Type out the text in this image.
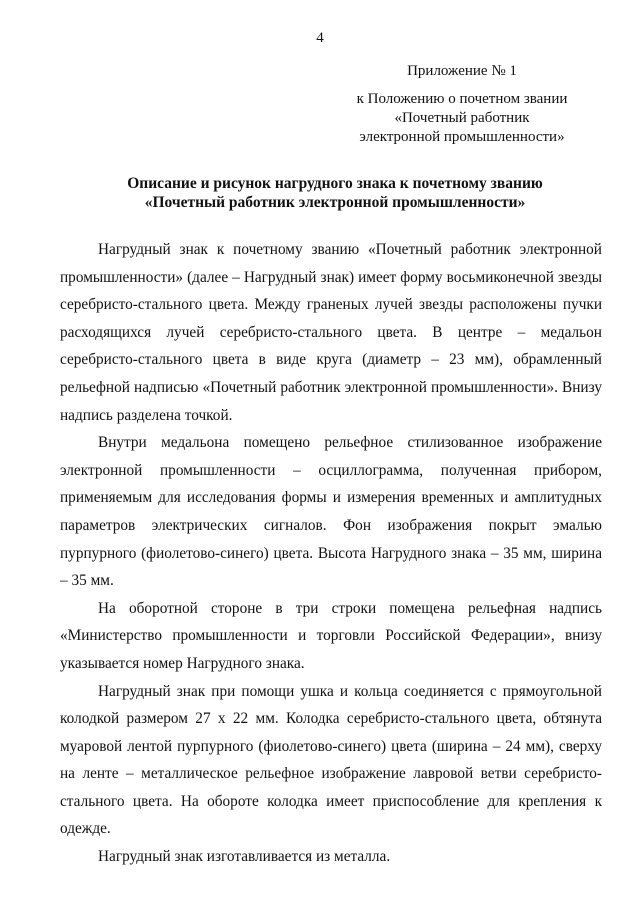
4
Приложение № 1
к Положению о почетном звании
«Почетный работник
электронной промышленности»
Описание и рисунок нагрудного знака к почетному званию
«Почетный работник электронной промышленности»

Нагрудный знак к почетному званию «Почетный работник электронной промышленности» (далее – Нагрудный знак) имеет форму восьмиконечной звезды серебристо-стального цвета. Между граненых лучей звезды расположены пучки расходящихся лучей серебристо-стального цвета. В центре – медальон серебристо-стального цвета в виде круга (диаметр – 23 мм), обрамленный рельефной надписью «Почетный работник электронной промышленности». Внизу надпись разделена точкой.

Внутри медальона помещено рельефное стилизованное изображение электронной промышленности – осциллограмма, полученная прибором, применяемым для исследования формы и измерения временных и амплитудных параметров электрических сигналов. Фон изображения покрыт эмалью пурпурного (фиолетово-синего) цвета. Высота Нагрудного знака – 35 мм, ширина – 35 мм.

На оборотной стороне в три строки помещена рельефная надпись «Министерство промышленности и торговли Российской Федерации», внизу указывается номер Нагрудного знака.

Нагрудный знак при помощи ушка и кольца соединяется с прямоугольной колодкой размером 27 х 22 мм. Колодка серебристо-стального цвета, обтянута муаровой лентой пурпурного (фиолетово-синего) цвета (ширина – 24 мм), сверху на ленте – металлическое рельефное изображение лавровой ветви серебристо-стального цвета. На обороте колодка имеет приспособление для крепления к одежде.

Нагрудный знак изготавливается из металла.
